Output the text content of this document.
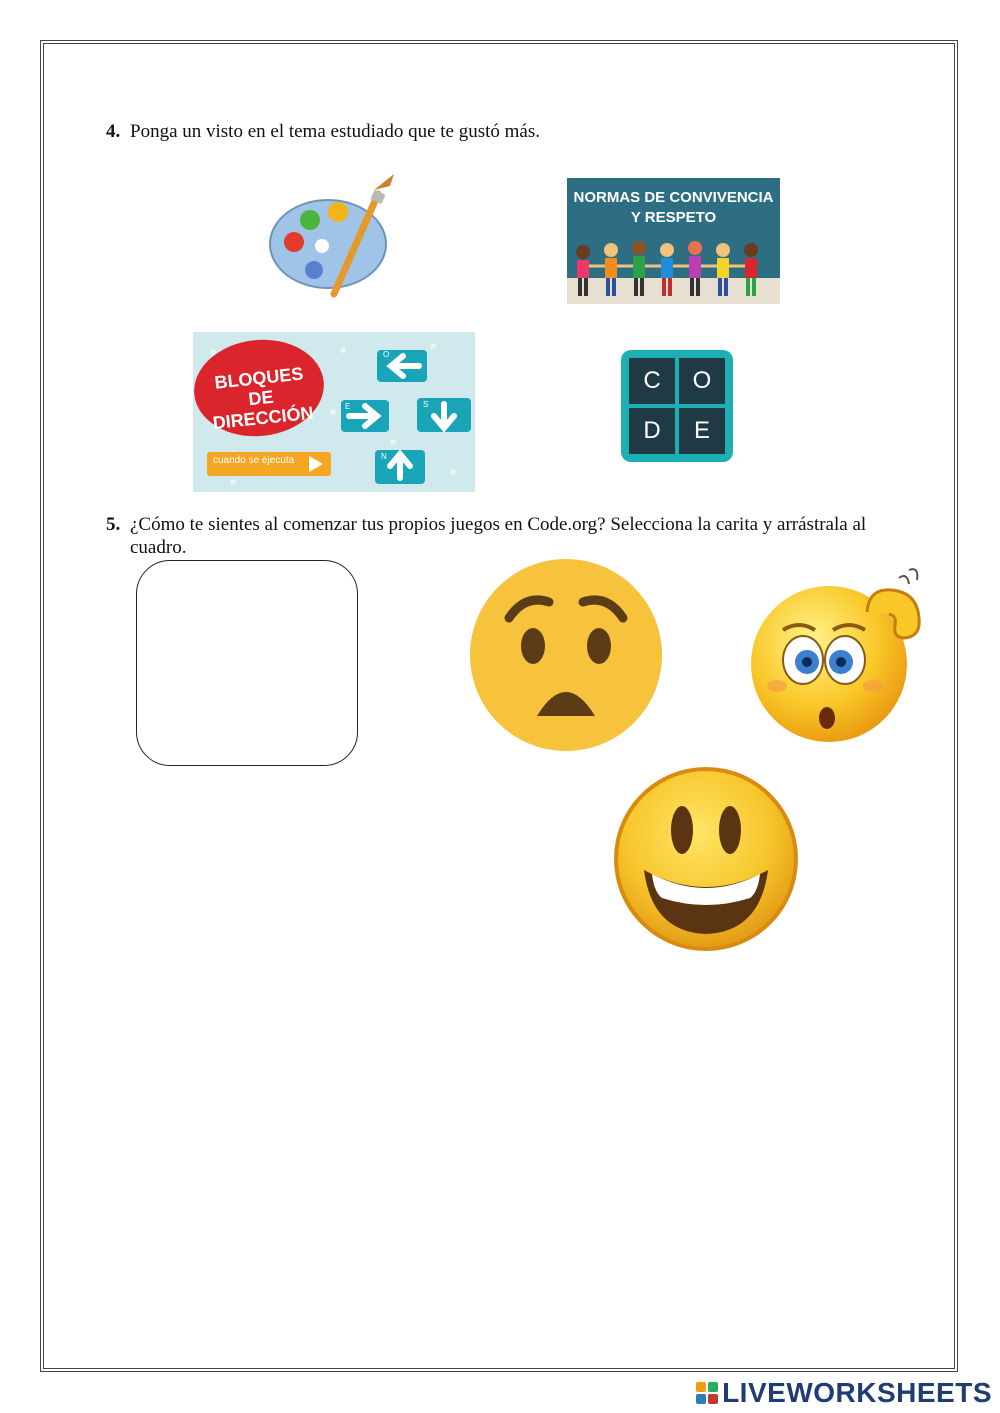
4. Ponga un visto en el tema estudiado que te gustó más.
NORMAS DE CONVIVENCIA
Y RESPETO
BLOQUES DE
DIRECCIÓN
cuando se ejecuta
O
E	S
N
C	O
D	E
5. ¿Cómo te sientes al comenzar tus propios juegos en Code.org? Selecciona la carita y arrástrala al
cuadro.
LIVEWORKSHEETS
